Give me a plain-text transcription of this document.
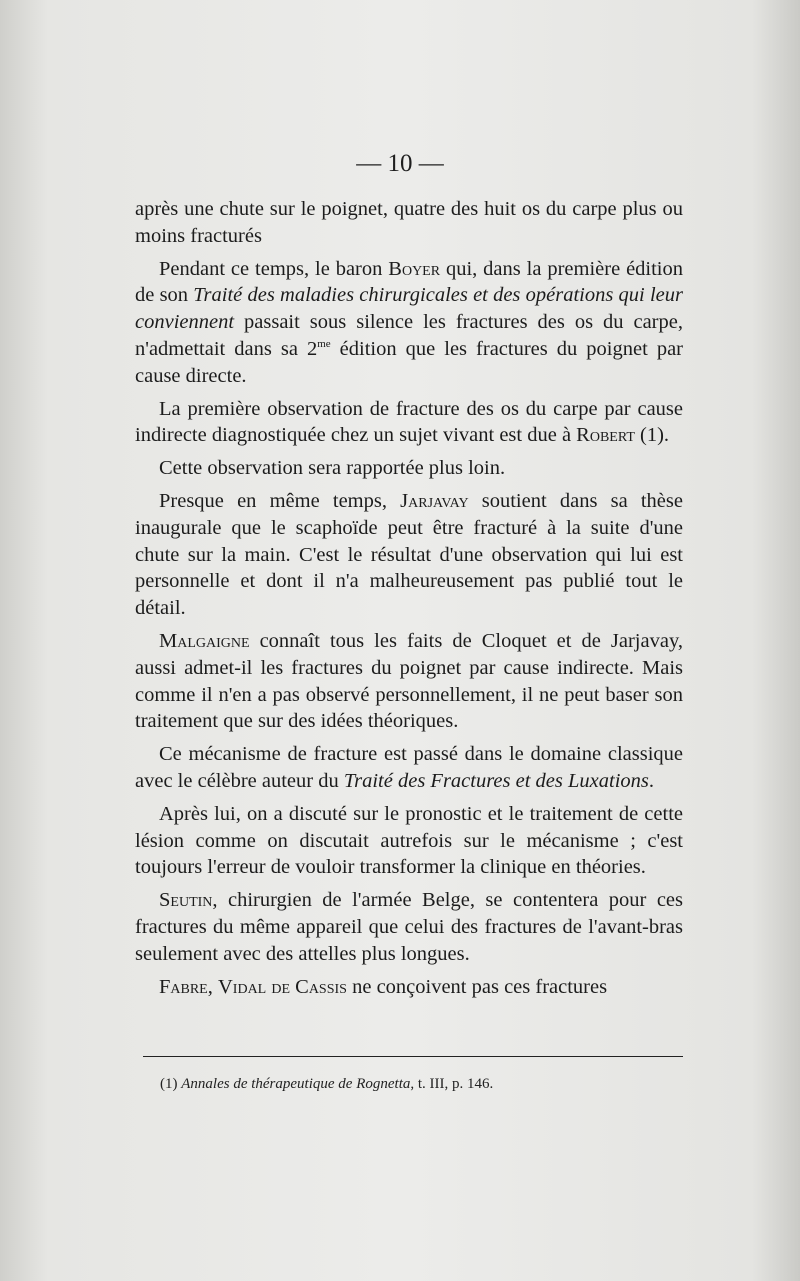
— 10 —

après une chute sur le poignet, quatre des huit os du carpe plus ou moins fracturés

Pendant ce temps, le baron Boyer qui, dans la première édition de son Traité des maladies chirurgicales et des opérations qui leur conviennent passait sous silence les fractures des os du carpe, n'admettait dans sa $2^{me}$ édition que les fractures du poignet par cause directe.

La première observation de fracture des os du carpe par cause indirecte diagnostiquée chez un sujet vivant est due à Robert (1).

Cette observation sera rapportée plus loin.

Presque en même temps, Jarjavay soutient dans sa thèse inaugurale que le scaphoïde peut être fracturé à la suite d'une chute sur la main. C'est le résultat d'une observation qui lui est personnelle et dont il n'a malheureusement pas publié tout le détail.

Malgaigne connaît tous les faits de Cloquet et de Jarjavay, aussi admet-il les fractures du poignet par cause indirecte. Mais comme il n'en a pas observé personnellement, il ne peut baser son traitement que sur des idées théoriques.

Ce mécanisme de fracture est passé dans le domaine classique avec le célèbre auteur du Traité des Fractures et des Luxations.

Après lui, on a discuté sur le pronostic et le traitement de cette lésion comme on discutait autrefois sur le mécanisme ; c'est toujours l'erreur de vouloir transformer la clinique en théories.

Seutin, chirurgien de l'armée Belge, se contentera pour ces fractures du même appareil que celui des fractures de l'avant-bras seulement avec des attelles plus longues.

Fabre, Vidal de Cassis ne conçoivent pas ces fractures

(1) Annales de thérapeutique de Rognetta, t. III, p. 146.
